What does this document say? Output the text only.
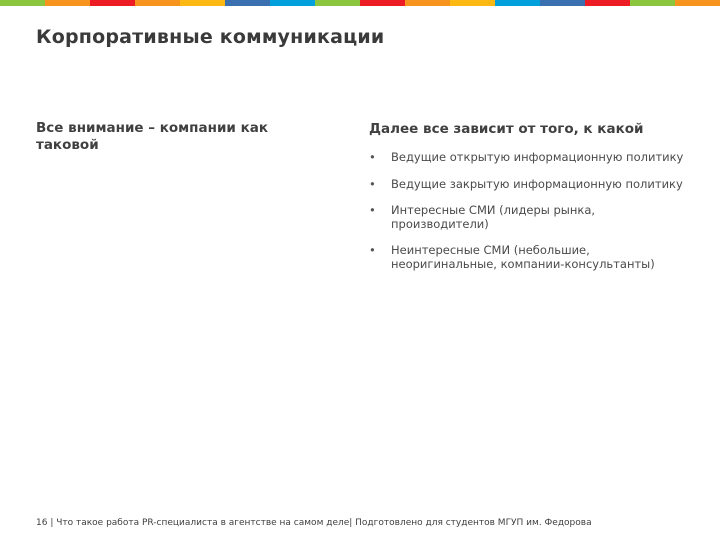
Корпоративные коммуникации
Все внимание – компании как таковой
Далее все зависит от того, к какой
• Ведущие открытую информационную политику
• Ведущие закрытую информационную политику
• Интересные СМИ (лидеры рынка, производители)
• Неинтересные СМИ (небольшие, неоригинальные, компании-консультанты)
16 | Что такое работа PR-специалиста в агентстве на самом деле| Подготовлено для студентов МГУП им. Федорова
